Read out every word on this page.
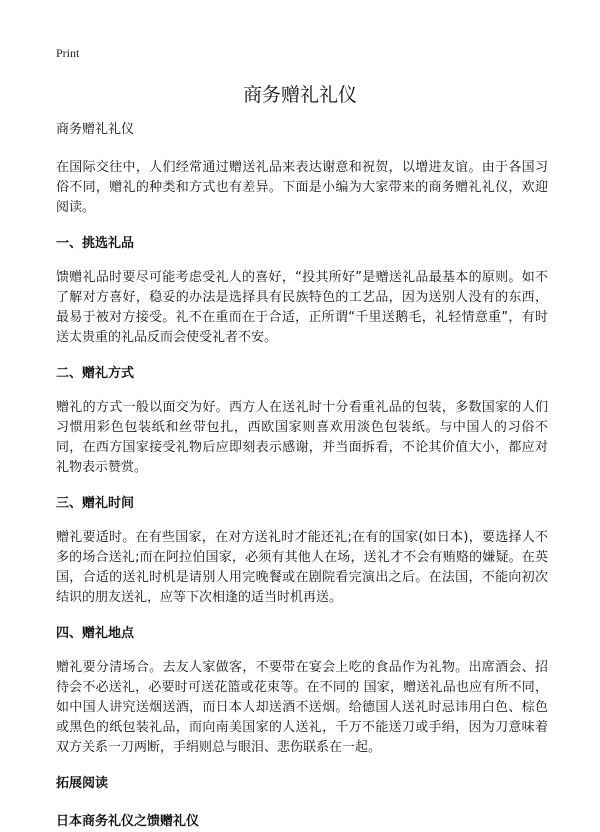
Print
商务赠礼礼仪
商务赠礼礼仪

在国际交往中，人们经常通过赠送礼品来表达谢意和祝贺，以增进友谊。由于各国习俗不同，赠礼的种类和方式也有差异。下面是小编为大家带来的商务赠礼礼仪，欢迎阅读。

一、挑选礼品

馈赠礼品时要尽可能考虑受礼人的喜好，“投其所好”是赠送礼品最基本的原则。如不了解对方喜好，稳妥的办法是选择具有民族特色的工艺品，因为送别人没有的东西，最易于被对方接受。礼不在重而在于合适，正所谓“千里送鹅毛，礼轻情意重”，有时送太贵重的礼品反而会使受礼者不安。

二、赠礼方式

赠礼的方式一般以面交为好。西方人在送礼时十分看重礼品的包装，多数国家的人们习惯用彩色包装纸和丝带包扎，西欧国家则喜欢用淡色包装纸。与中国人的习俗不同，在西方国家接受礼物后应即刻表示感谢，并当面拆看，不论其价值大小，都应对礼物表示赞赏。

三、赠礼时间

赠礼要适时。在有些国家，在对方送礼时才能还礼;在有的国家(如日本)，要选择人不多的场合送礼;而在阿拉伯国家，必须有其他人在场，送礼才不会有贿赂的嫌疑。在英国，合适的送礼时机是请别人用完晚餐或在剧院看完演出之后。在法国，不能向初次结识的朋友送礼，应等下次相逢的适当时机再送。

四、赠礼地点

赠礼要分清场合。去友人家做客，不要带在宴会上吃的食品作为礼物。出席酒会、招待会不必送礼，必要时可送花篮或花束等。在不同的 国家，赠送礼品也应有所不同，如中国人讲究送烟送酒，而日本人却送酒不送烟。给德国人送礼时忌讳用白色、棕色或黑色的纸包装礼品，而向南美国家的人送礼，千万不能送刀或手绢，因为刀意味着双方关系一刀两断，手绢则总与眼泪、悲伤联系在一起。

拓展阅读
日本商务礼仪之馈赠礼仪
